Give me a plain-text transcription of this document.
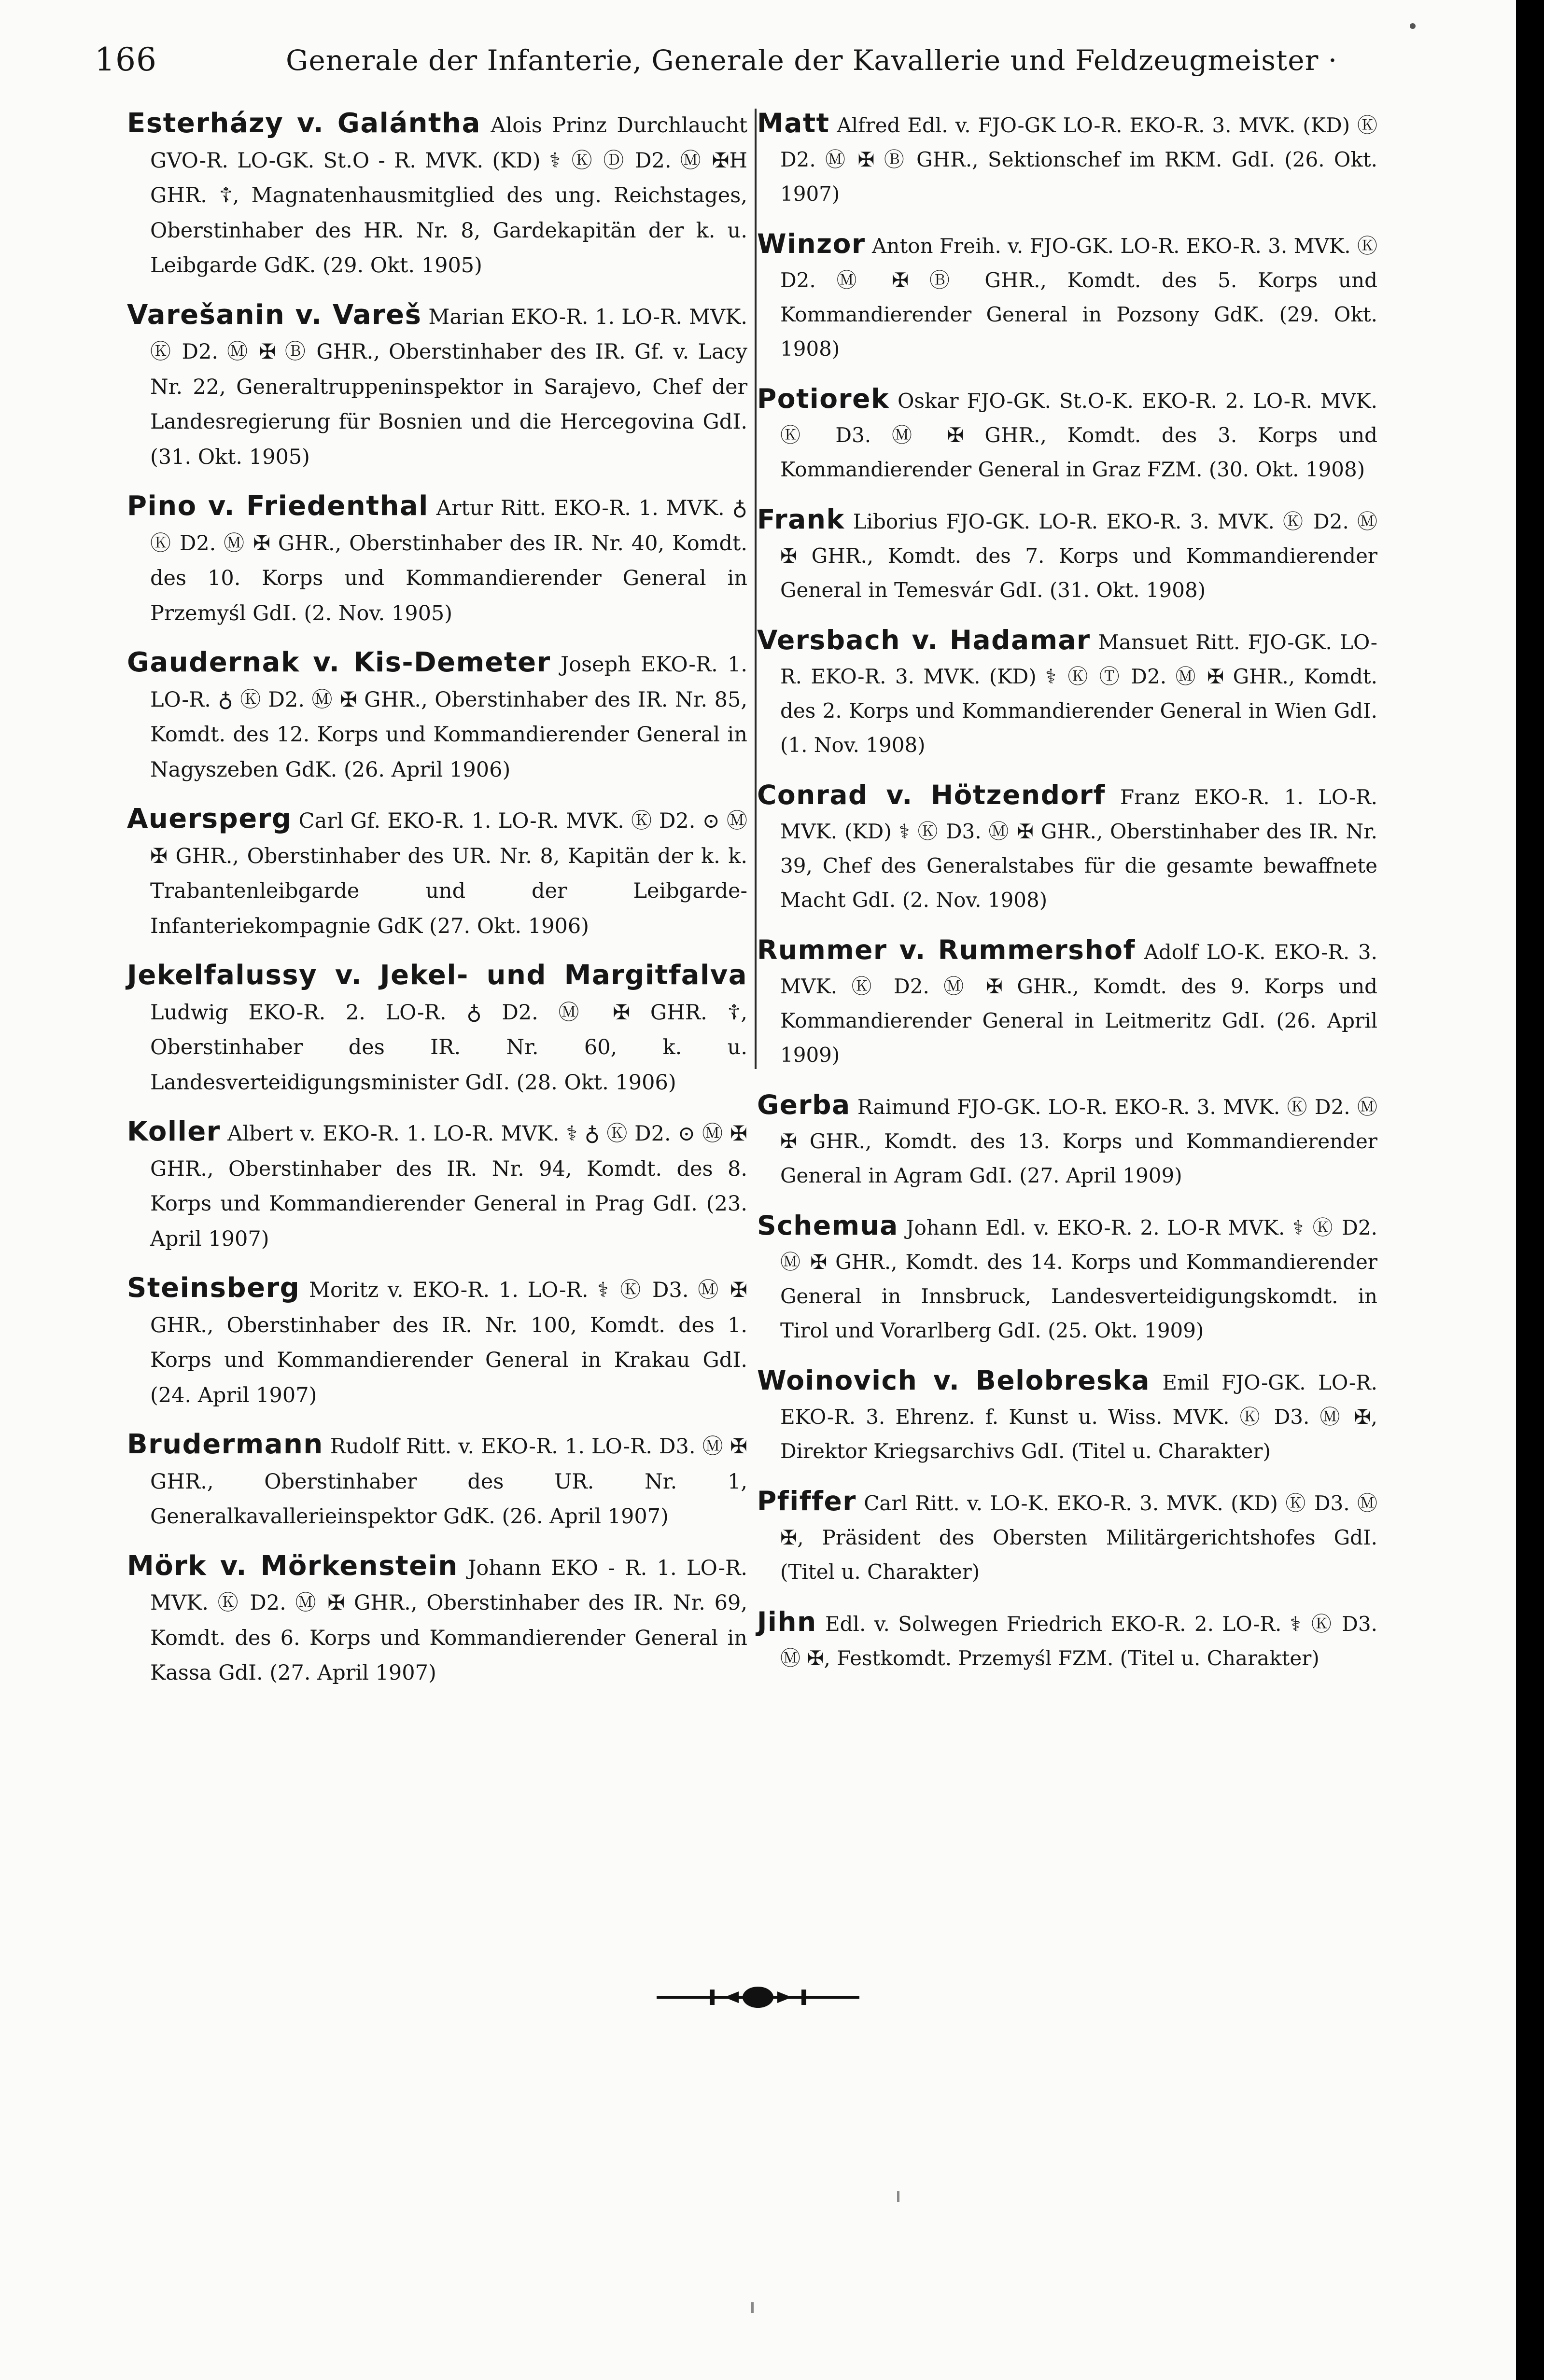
166	Generale der Infanterie, Generale der Kavallerie und Feldzeugmeister ·

Esterházy v. Galántha Alois Prinz Durchlaucht GVO-R. LO-GK. St.O - R. MVK. (KD) ⚕ Ⓚ Ⓓ D2. Ⓜ ✠H GHR. ☦, Magnatenhausmitglied des ung. Reichstages, Oberstinhaber des HR. Nr. 8, Gardekapitän der k. u. Leibgarde GdK. (29. Okt. 1905)

Varešanin v. Vareš Marian EKO-R. 1. LO-R. MVK. Ⓚ D2. Ⓜ ✠ Ⓑ GHR., Oberstinhaber des IR. Gf. v. Lacy Nr. 22, Generaltruppeninspektor in Sarajevo, Chef der Landesregierung für Bosnien und die Hercegovina GdI. (31. Okt. 1905)

Pino v. Friedenthal Artur Ritt. EKO-R. 1. MVK. ♁ Ⓚ D2. Ⓜ ✠ GHR., Oberstinhaber des IR. Nr. 40, Komdt. des 10. Korps und Kommandierender General in Przemyśl GdI. (2. Nov. 1905)

Gaudernak v. Kis-Demeter Joseph EKO-R. 1. LO-R. ♁ Ⓚ D2. Ⓜ ✠ GHR., Oberstinhaber des IR. Nr. 85, Komdt. des 12. Korps und Kommandierender General in Nagyszeben GdK. (26. April 1906)

Auersperg Carl Gf. EKO-R. 1. LO-R. MVK. Ⓚ D2. ⊙ Ⓜ ✠ GHR., Oberstinhaber des UR. Nr. 8, Kapitän der k. k. Trabantenleibgarde und der Leibgarde-Infanteriekompagnie GdK (27. Okt. 1906)

Jekelfalussy v. Jekel- und Margitfalva Ludwig EKO-R. 2. LO-R. ♁ D2. Ⓜ ✠ GHR. ☦, Oberstinhaber des IR. Nr. 60, k. u. Landesverteidigungsminister GdI. (28. Okt. 1906)

Koller Albert v. EKO-R. 1. LO-R. MVK. ⚕ ♁ Ⓚ D2. ⊙ Ⓜ ✠ GHR., Oberstinhaber des IR. Nr. 94, Komdt. des 8. Korps und Kommandierender General in Prag GdI. (23. April 1907)

Steinsberg Moritz v. EKO-R. 1. LO-R. ⚕ Ⓚ D3. Ⓜ ✠ GHR., Oberstinhaber des IR. Nr. 100, Komdt. des 1. Korps und Kommandierender General in Krakau GdI. (24. April 1907)

Brudermann Rudolf Ritt. v. EKO-R. 1. LO-R. D3. Ⓜ ✠ GHR., Oberstinhaber des UR. Nr. 1, Generalkavallerieinspektor GdK. (26. April 1907)

Mörk v. Mörkenstein Johann EKO - R. 1. LO-R. MVK. Ⓚ D2. Ⓜ ✠ GHR., Oberstinhaber des IR. Nr. 69, Komdt. des 6. Korps und Kommandierender General in Kassa GdI. (27. April 1907)

Matt Alfred Edl. v. FJO-GK LO-R. EKO-R. 3. MVK. (KD) Ⓚ D2. Ⓜ ✠ Ⓑ GHR., Sektionschef im RKM. GdI. (26. Okt. 1907)

Winzor Anton Freih. v. FJO-GK. LO-R. EKO-R. 3. MVK. Ⓚ D2. Ⓜ ✠ Ⓑ GHR., Komdt. des 5. Korps und Kommandierender General in Pozsony GdK. (29. Okt. 1908)

Potiorek Oskar FJO-GK. St.O-K. EKO-R. 2. LO-R. MVK. Ⓚ D3. Ⓜ ✠ GHR., Komdt. des 3. Korps und Kommandierender General in Graz FZM. (30. Okt. 1908)

Frank Liborius FJO-GK. LO-R. EKO-R. 3. MVK. Ⓚ D2. Ⓜ ✠ GHR., Komdt. des 7. Korps und Kommandierender General in Temesvár GdI. (31. Okt. 1908)

Versbach v. Hadamar Mansuet Ritt. FJO-GK. LO-R. EKO-R. 3. MVK. (KD) ⚕ Ⓚ Ⓣ D2. Ⓜ ✠ GHR., Komdt. des 2. Korps und Kommandierender General in Wien GdI. (1. Nov. 1908)

Conrad v. Hötzendorf Franz EKO-R. 1. LO-R. MVK. (KD) ⚕ Ⓚ D3. Ⓜ ✠ GHR., Oberstinhaber des IR. Nr. 39, Chef des Generalstabes für die gesamte bewaffnete Macht GdI. (2. Nov. 1908)

Rummer v. Rummershof Adolf LO-K. EKO-R. 3. MVK. Ⓚ D2. Ⓜ ✠ GHR., Komdt. des 9. Korps und Kommandierender General in Leitmeritz GdI. (26. April 1909)

Gerba Raimund FJO-GK. LO-R. EKO-R. 3. MVK. Ⓚ D2. Ⓜ ✠ GHR., Komdt. des 13. Korps und Kommandierender General in Agram GdI. (27. April 1909)

Schemua Johann Edl. v. EKO-R. 2. LO-R MVK. ⚕ Ⓚ D2. Ⓜ ✠ GHR., Komdt. des 14. Korps und Kommandierender General in Innsbruck, Landesverteidigungskomdt. in Tirol und Vorarlberg GdI. (25. Okt. 1909)

Woinovich v. Belobreska Emil FJO-GK. LO-R. EKO-R. 3. Ehrenz. f. Kunst u. Wiss. MVK. Ⓚ D3. Ⓜ ✠, Direktor Kriegsarchivs GdI. (Titel u. Charakter)

Pfiffer Carl Ritt. v. LO-K. EKO-R. 3. MVK. (KD) Ⓚ D3. Ⓜ ✠, Präsident des Obersten Militärgerichtshofes GdI. (Titel u. Charakter)

Jihn Edl. v. Solwegen Friedrich EKO-R. 2. LO-R. ⚕ Ⓚ D3. Ⓜ ✠, Festkomdt. Przemyśl FZM. (Titel u. Charakter)
